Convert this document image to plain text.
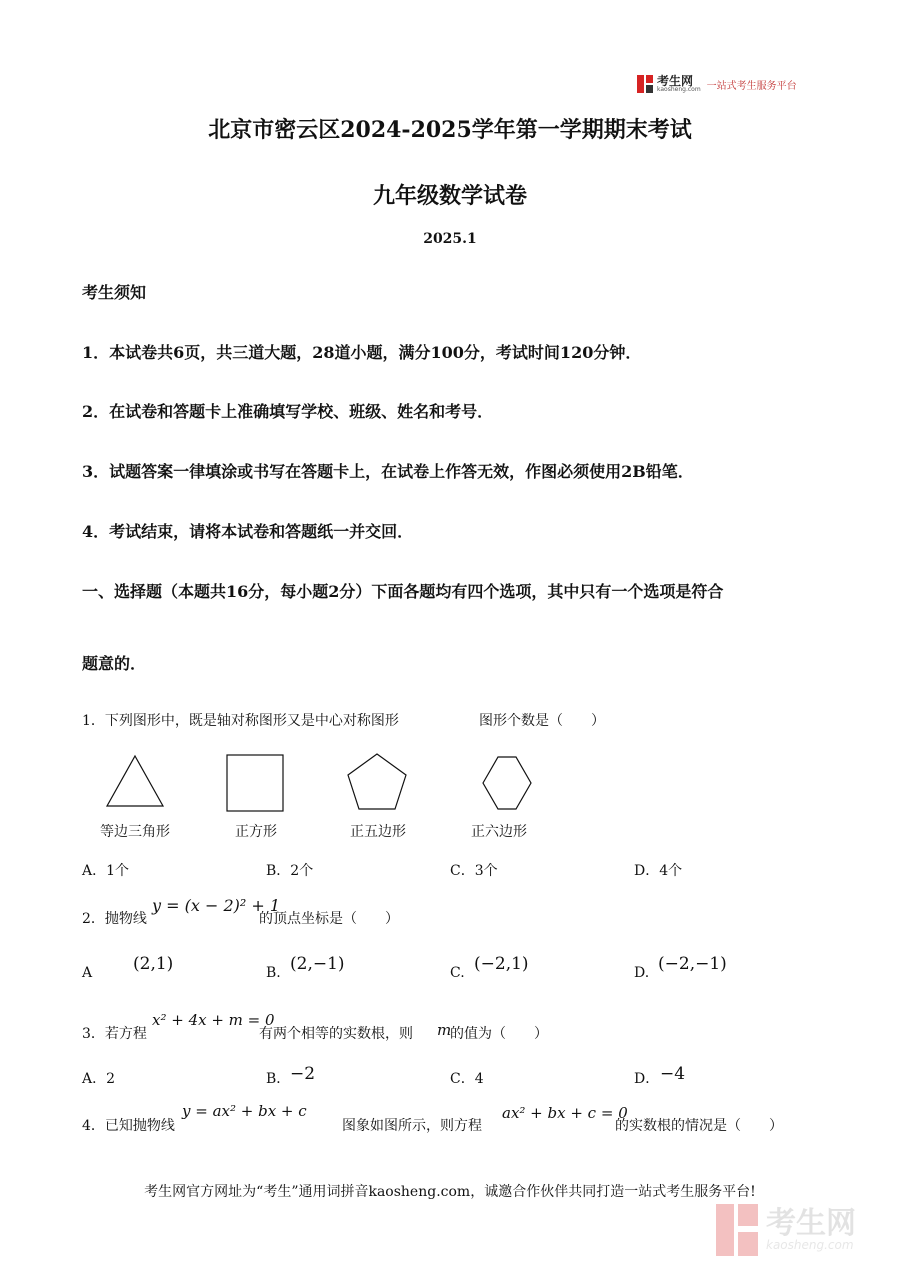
考生网
kaosheng.com 一站式考生服务平台
北京市密云区2024-2025学年第一学期期末考试
九年级数学试卷
2025.1
考生须知
1．本试卷共6页，共三道大题，28道小题，满分100分，考试时间120分钟．
2．在试卷和答题卡上准确填写学校、班级、姓名和考号．
3．试题答案一律填涂或书写在答题卡上，在试卷上作答无效，作图必须使用2B铅笔．
4．考试结束，请将本试卷和答题纸一并交回．
一、选择题（本题共16分，每小题2分）下面各题均有四个选项，其中只有一个选项是符合
题意的．
1．下列图形中，既是轴对称图形又是中心对称图形	图形个数是（　　）
等边三角形	正方形	正五边形	正六边形
A．1个	B．2个	C．3个	D．4个
2．抛物线
y = (x − 2)² + 1
的顶点坐标是（　　）
A (2,1)	B. (2,−1)	C. (−2,1)	D. (−2,−1)
3．若方程
x² + 4x + m = 0
有两个相等的实数根，则 m
的值为（　　）
A．2	B． −2	C．4	D． −4
4．已知抛物线
y = ax² + bx + c
图象如图所示，则方程
ax² + bx + c = 0
的实数根的情况是（　　）
考生网官方网址为“考生”通用词拼音kaosheng.com，诚邀合作伙伴共同打造一站式考生服务平台!
考生网
kaosheng.com
